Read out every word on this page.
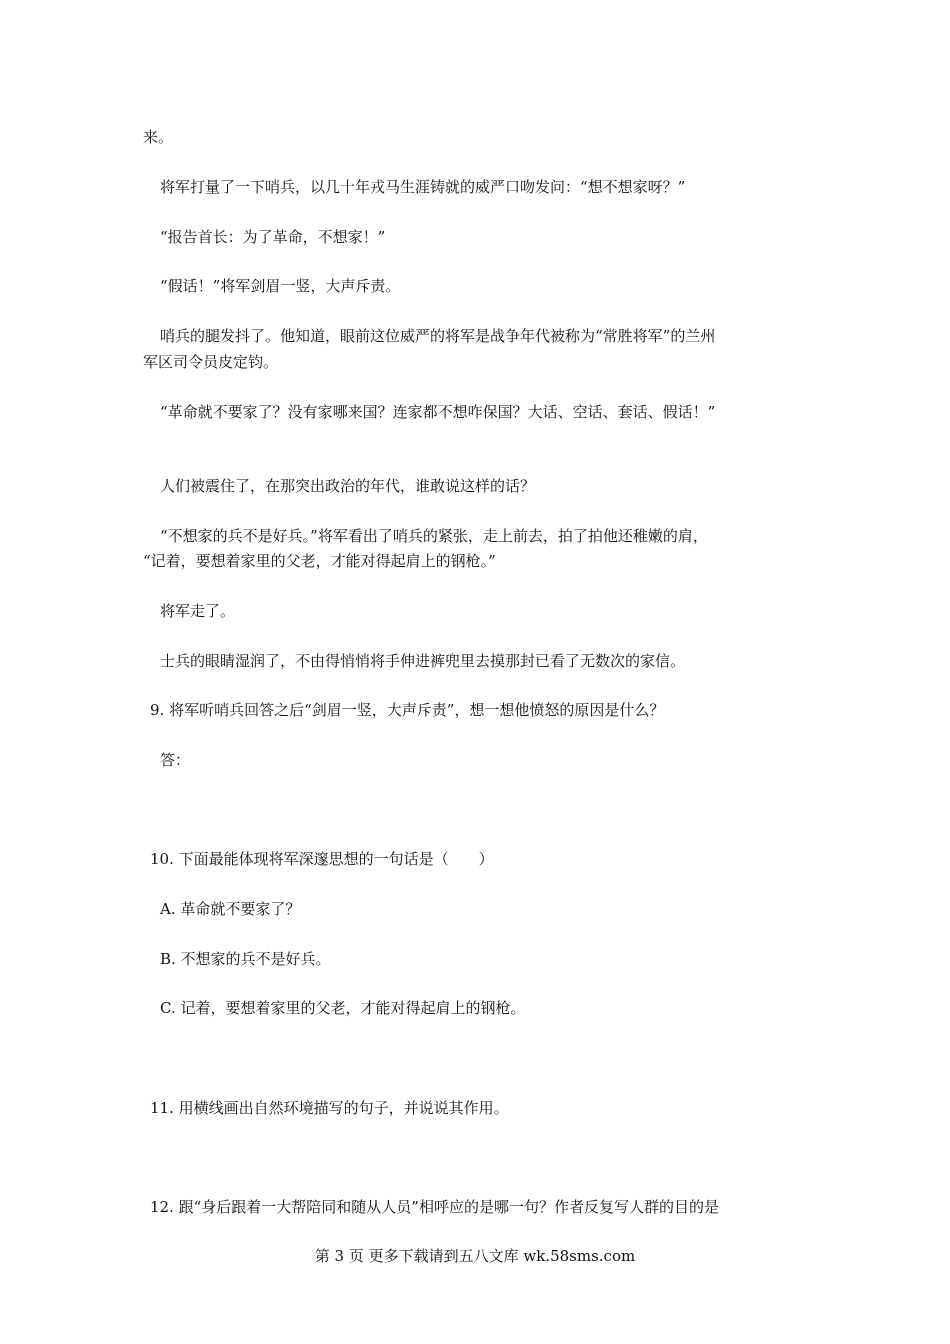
来。
将军打量了一下哨兵，以几十年戎马生涯铸就的威严口吻发问：“想不想家呀？”
“报告首长：为了革命，不想家！”
“假话！”将军剑眉一竖，大声斥责。
哨兵的腿发抖了。他知道，眼前这位威严的将军是战争年代被称为“常胜将军”的兰州
军区司令员皮定钧。
“革命就不要家了？没有家哪来国？连家都不想咋保国？大话、空话、套话、假话！”
人们被震住了，在那突出政治的年代，谁敢说这样的话？
“不想家的兵不是好兵。”将军看出了哨兵的紧张，走上前去，拍了拍他还稚嫩的肩，
“记着，要想着家里的父老，才能对得起肩上的钢枪。”
将军走了。
士兵的眼睛湿润了，不由得悄悄将手伸进裤兜里去摸那封已看了无数次的家信。
9. 将军听哨兵回答之后“剑眉一竖，大声斥责”，想一想他愤怒的原因是什么？
答：
10. 下面最能体现将军深邃思想的一句话是（　　）
A. 革命就不要家了？
B. 不想家的兵不是好兵。
C. 记着，要想着家里的父老，才能对得起肩上的钢枪。
11. 用横线画出自然环境描写的句子，并说说其作用。
12. 跟“身后跟着一大帮陪同和随从人员”相呼应的是哪一句？作者反复写人群的目的是
第 3 页 更多下载请到五八文库 wk.58sms.com
